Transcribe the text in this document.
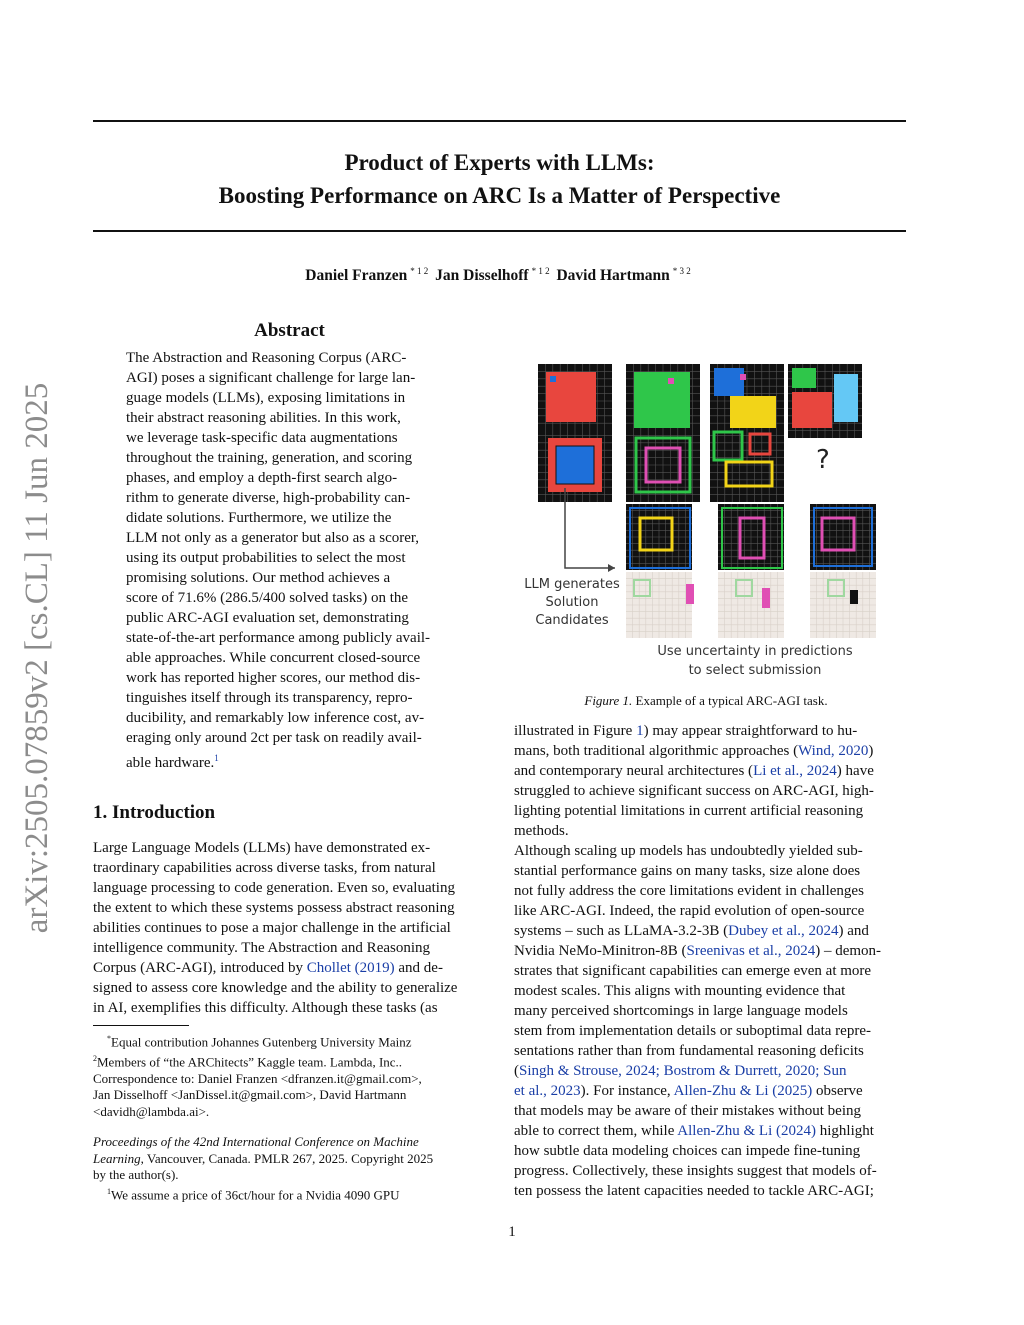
arXiv:2505.07859v2 [cs.CL] 11 Jun 2025
Product of Experts with LLMs:
Boosting Performance on ARC Is a Matter of Perspective
Daniel Franzen $^{* 1 2}$ Jan Disselhoff $^{* 1 2}$ David Hartmann $^{* 3 2}$
Abstract
The Abstraction and Reasoning Corpus (ARC-
AGI) poses a significant challenge for large lan-
guage models (LLMs), exposing limitations in
their abstract reasoning abilities. In this work,
we leverage task-specific data augmentations
throughout the training, generation, and scoring
phases, and employ a depth-first search algo-
rithm to generate diverse, high-probability can-
didate solutions. Furthermore, we utilize the
LLM not only as a generator but also as a scorer,
using its output probabilities to select the most
promising solutions. Our method achieves a
score of 71.6% (286.5/400 solved tasks) on the
public ARC-AGI evaluation set, demonstrating
state-of-the-art performance among publicly avail-
able approaches. While concurrent closed-source
work has reported higher scores, our method dis-
tinguishes itself through its transparency, repro-
ducibility, and remarkably low inference cost, av-
eraging only around 2ct per task on readily avail-
able hardware.$^1$
1. Introduction
Large Language Models (LLMs) have demonstrated ex-
traordinary capabilities across diverse tasks, from natural
language processing to code generation. Even so, evaluating
the extent to which these systems possess abstract reasoning
abilities continues to pose a major challenge in the artificial
intelligence community. The Abstraction and Reasoning
Corpus (ARC-AGI), introduced by Chollet (2019) and de-
signed to assess core knowledge and the ability to generalize
in AI, exemplifies this difficulty. Although these tasks (as
*Equal contribution Johannes Gutenberg University Mainz
$^2$Members of “the ARChitects” Kaggle team. Lambda, Inc..
Correspondence to: Daniel Franzen <dfranzen.it@gmail.com>,
Jan Disselhoff <JanDissel.it@gmail.com>, David Hartmann
<davidh@lambda.ai>.
Proceedings of the 42nd International Conference on Machine
Learning, Vancouver, Canada. PMLR 267, 2025. Copyright 2025
by the author(s).
$^1$We assume a price of 36ct/hour for a Nvidia 4090 GPU
?
LLM generates
Solution
Candidates
Use uncertainty in predictions
to select submission
Figure 1. Example of a typical ARC-AGI task.
illustrated in Figure 1) may appear straightforward to hu-
mans, both traditional algorithmic approaches (Wind, 2020)
and contemporary neural architectures (Li et al., 2024) have
struggled to achieve significant success on ARC-AGI, high-
lighting potential limitations in current artificial reasoning
methods.
Although scaling up models has undoubtedly yielded sub-
stantial performance gains on many tasks, size alone does
not fully address the core limitations evident in challenges
like ARC-AGI. Indeed, the rapid evolution of open-source
systems – such as LLaMA-3.2-3B (Dubey et al., 2024) and
Nvidia NeMo-Minitron-8B (Sreenivas et al., 2024) – demon-
strates that significant capabilities can emerge even at more
modest scales. This aligns with mounting evidence that
many perceived shortcomings in large language models
stem from implementation details or suboptimal data repre-
sentations rather than from fundamental reasoning deficits
(Singh & Strouse, 2024; Bostrom & Durrett, 2020; Sun
et al., 2023). For instance, Allen-Zhu & Li (2025) observe
that models may be aware of their mistakes without being
able to correct them, while Allen-Zhu & Li (2024) highlight
how subtle data modeling choices can impede fine-tuning
progress. Collectively, these insights suggest that models of-
ten possess the latent capacities needed to tackle ARC-AGI;
1
